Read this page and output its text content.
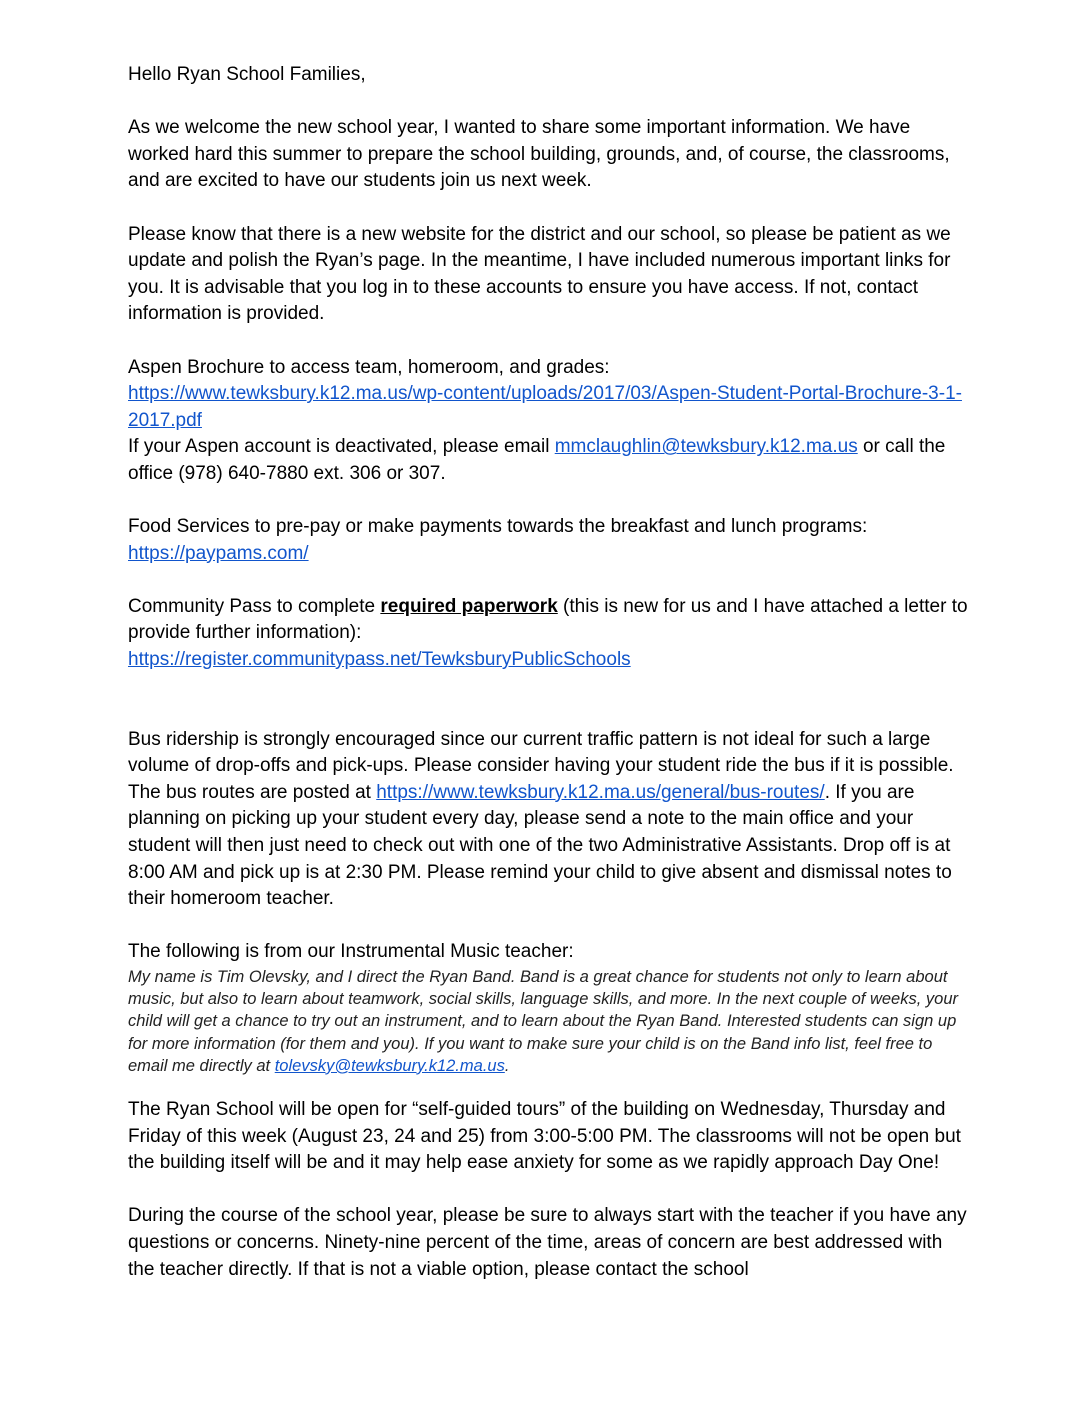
Hello Ryan School Families,

As we welcome the new school year, I wanted to share some important information. We have worked hard this summer to prepare the school building, grounds, and, of course, the classrooms, and are excited to have our students join us next week.

Please know that there is a new website for the district and our school, so please be patient as we update and polish the Ryan’s page. In the meantime, I have included numerous important links for you. It is advisable that you log in to these accounts to ensure you have access. If not, contact information is provided.

Aspen Brochure to access team, homeroom, and grades:

https://www.tewksbury.k12.ma.us/wp-content/uploads/2017/03/Aspen-Student-Portal-Brochure-3-1-2017.pdf

If your Aspen account is deactivated, please email mmclaughlin@tewksbury.k12.ma.us or call the office (978) 640-7880 ext. 306 or 307.

Food Services to pre-pay or make payments towards the breakfast and lunch programs:

https://paypams.com/

Community Pass to complete required paperwork (this is new for us and I have attached a letter to provide further information):

https://register.communitypass.net/TewksburyPublicSchools

Bus ridership is strongly encouraged since our current traffic pattern is not ideal for such a large volume of drop-offs and pick-ups. Please consider having your student ride the bus if it is possible. The bus routes are posted at https://www.tewksbury.k12.ma.us/general/bus-routes/. If you are planning on picking up your student every day, please send a note to the main office and your student will then just need to check out with one of the two Administrative Assistants. Drop off is at 8:00 AM and pick up is at 2:30 PM. Please remind your child to give absent and dismissal notes to their homeroom teacher.

The following is from our Instrumental Music teacher:

My name is Tim Olevsky, and I direct the Ryan Band. Band is a great chance for students not only to learn about music, but also to learn about teamwork, social skills, language skills, and more. In the next couple of weeks, your child will get a chance to try out an instrument, and to learn about the Ryan Band. Interested students can sign up for more information (for them and you). If you want to make sure your child is on the Band info list, feel free to email me directly at tolevsky@tewksbury.k12.ma.us.

The Ryan School will be open for “self-guided tours” of the building on Wednesday, Thursday and Friday of this week (August 23, 24 and 25) from 3:00-5:00 PM. The classrooms will not be open but the building itself will be and it may help ease anxiety for some as we rapidly approach Day One!

During the course of the school year, please be sure to always start with the teacher if you have any questions or concerns. Ninety-nine percent of the time, areas of concern are best addressed with the teacher directly. If that is not a viable option, please contact the school
